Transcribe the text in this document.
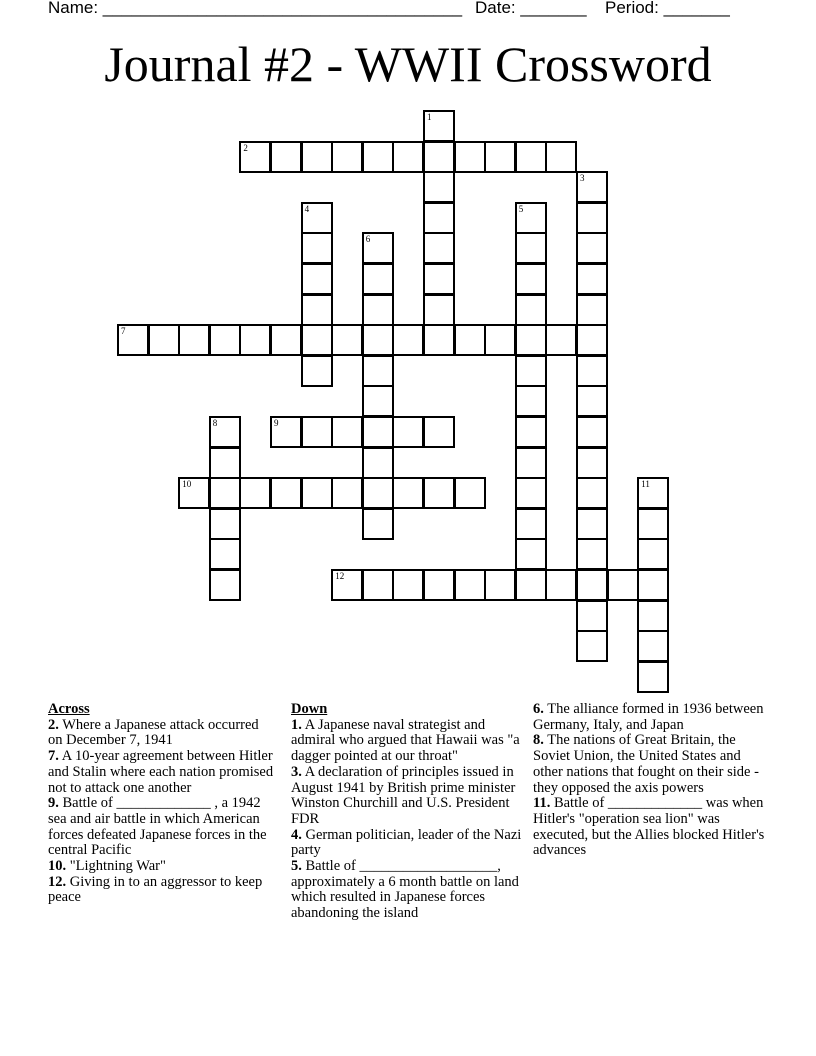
Name: ______________________________________ Date: _______ Period: _______
Journal #2 - WWII Crossword
1
2
3
4	5
6
7
8	9
10	11
12
Across
2. Where a Japanese attack occurred on December 7, 1941
7. A 10-year agreement between Hitler and Stalin where each nation promised not to attack one another
9. Battle of _____________ , a 1942 sea and air battle in which American forces defeated Japanese forces in the central Pacific
10. "Lightning War"
12. Giving in to an aggressor to keep peace
Down
1. A Japanese naval strategist and admiral who argued that Hawaii was "a dagger pointed at our throat"
3. A declaration of principles issued in August 1941 by British prime minister Winston Churchill and U.S. President FDR
4. German politician, leader of the Nazi party
5. Battle of ___________________, approximately a 6 month battle on land which resulted in Japanese forces abandoning the island
6. The alliance formed in 1936 between Germany, Italy, and Japan
8. The nations of Great Britain, the Soviet Union, the United States and other nations that fought on their side - they opposed the axis powers
11. Battle of _____________ was when Hitler's "operation sea lion" was executed, but the Allies blocked Hitler's advances
